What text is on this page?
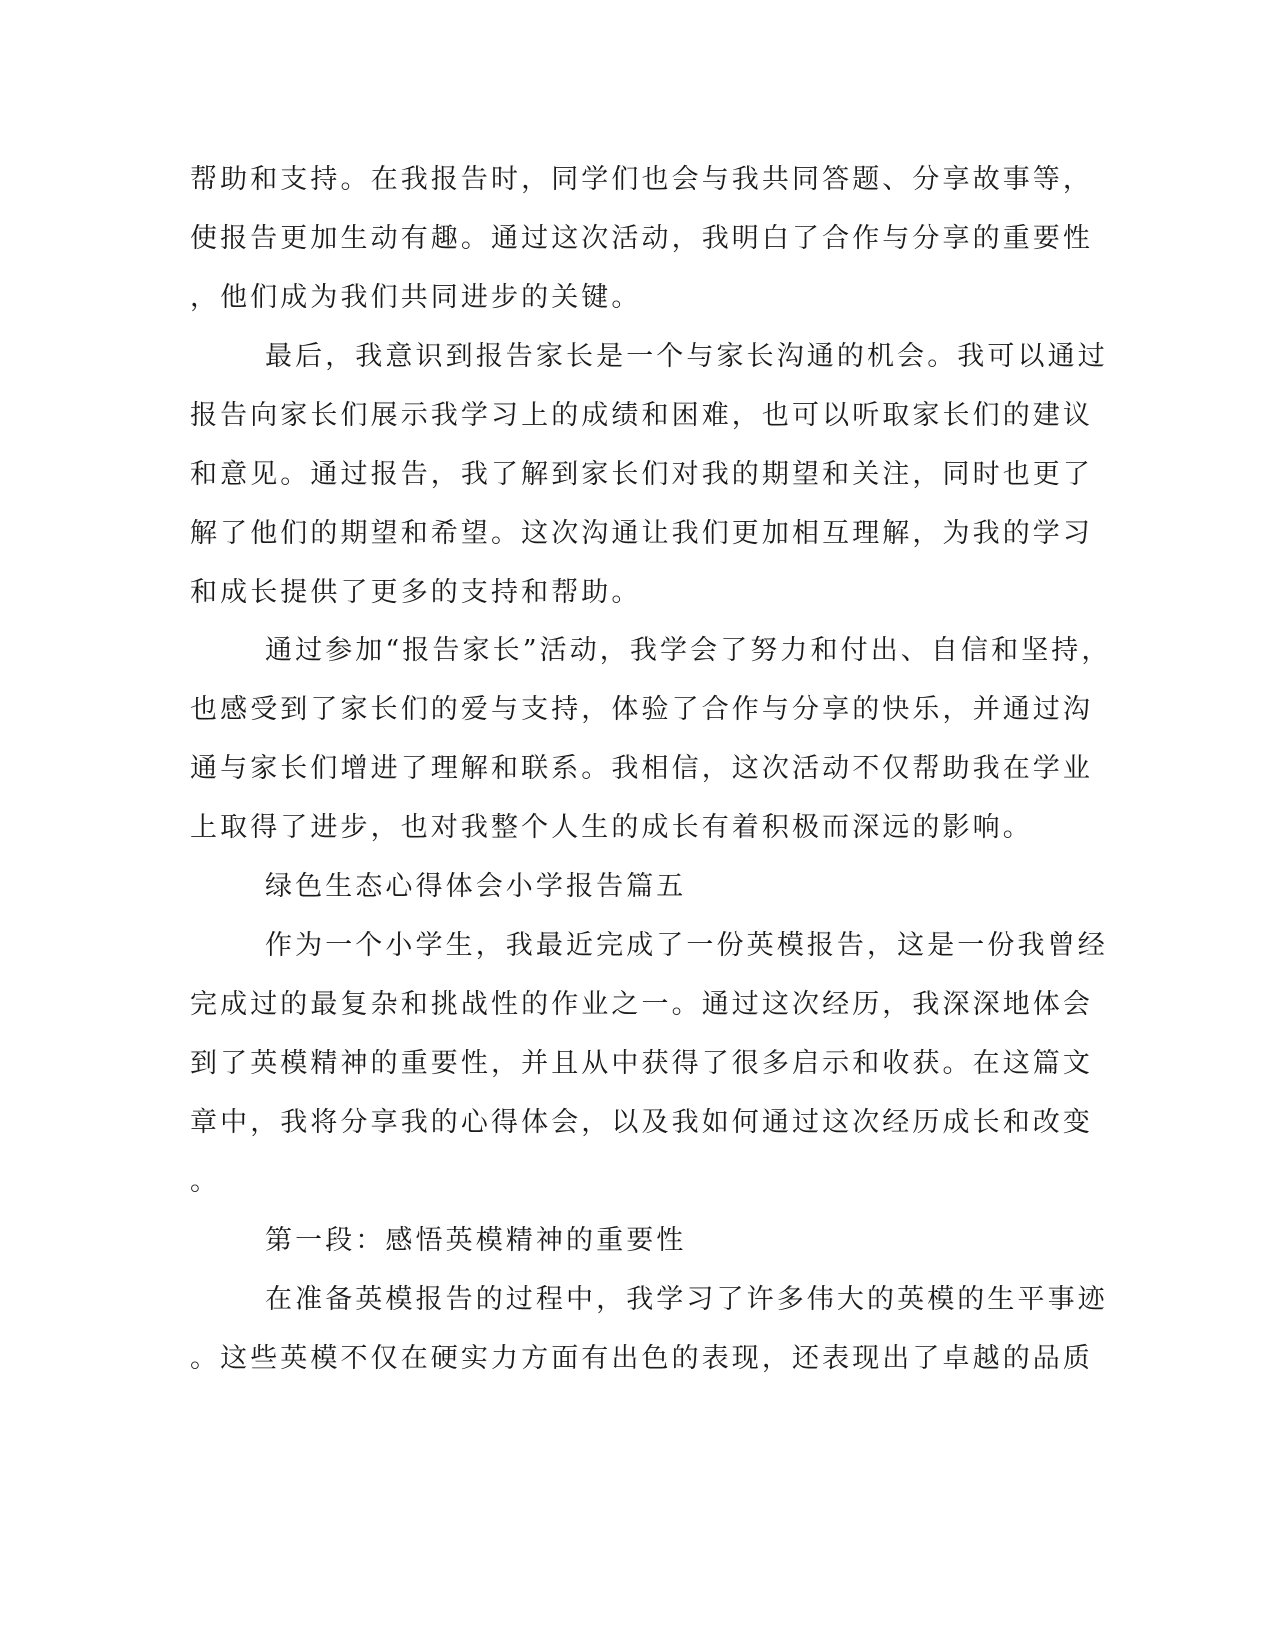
帮助和支持。在我报告时，同学们也会与我共同答题、分享故事等，
使报告更加生动有趣。通过这次活动，我明白了合作与分享的重要性
，他们成为我们共同进步的关键。
最后，我意识到报告家长是一个与家长沟通的机会。我可以通过
报告向家长们展示我学习上的成绩和困难，也可以听取家长们的建议
和意见。通过报告，我了解到家长们对我的期望和关注，同时也更了
解了他们的期望和希望。这次沟通让我们更加相互理解，为我的学习
和成长提供了更多的支持和帮助。
通过参加“报告家长”活动，我学会了努力和付出、自信和坚持，
也感受到了家长们的爱与支持，体验了合作与分享的快乐，并通过沟
通与家长们增进了理解和联系。我相信，这次活动不仅帮助我在学业
上取得了进步，也对我整个人生的成长有着积极而深远的影响。
绿色生态心得体会小学报告篇五
作为一个小学生，我最近完成了一份英模报告，这是一份我曾经
完成过的最复杂和挑战性的作业之一。通过这次经历，我深深地体会
到了英模精神的重要性，并且从中获得了很多启示和收获。在这篇文
章中，我将分享我的心得体会，以及我如何通过这次经历成长和改变
。
第一段：感悟英模精神的重要性
在准备英模报告的过程中，我学习了许多伟大的英模的生平事迹
。这些英模不仅在硬实力方面有出色的表现，还表现出了卓越的品质
